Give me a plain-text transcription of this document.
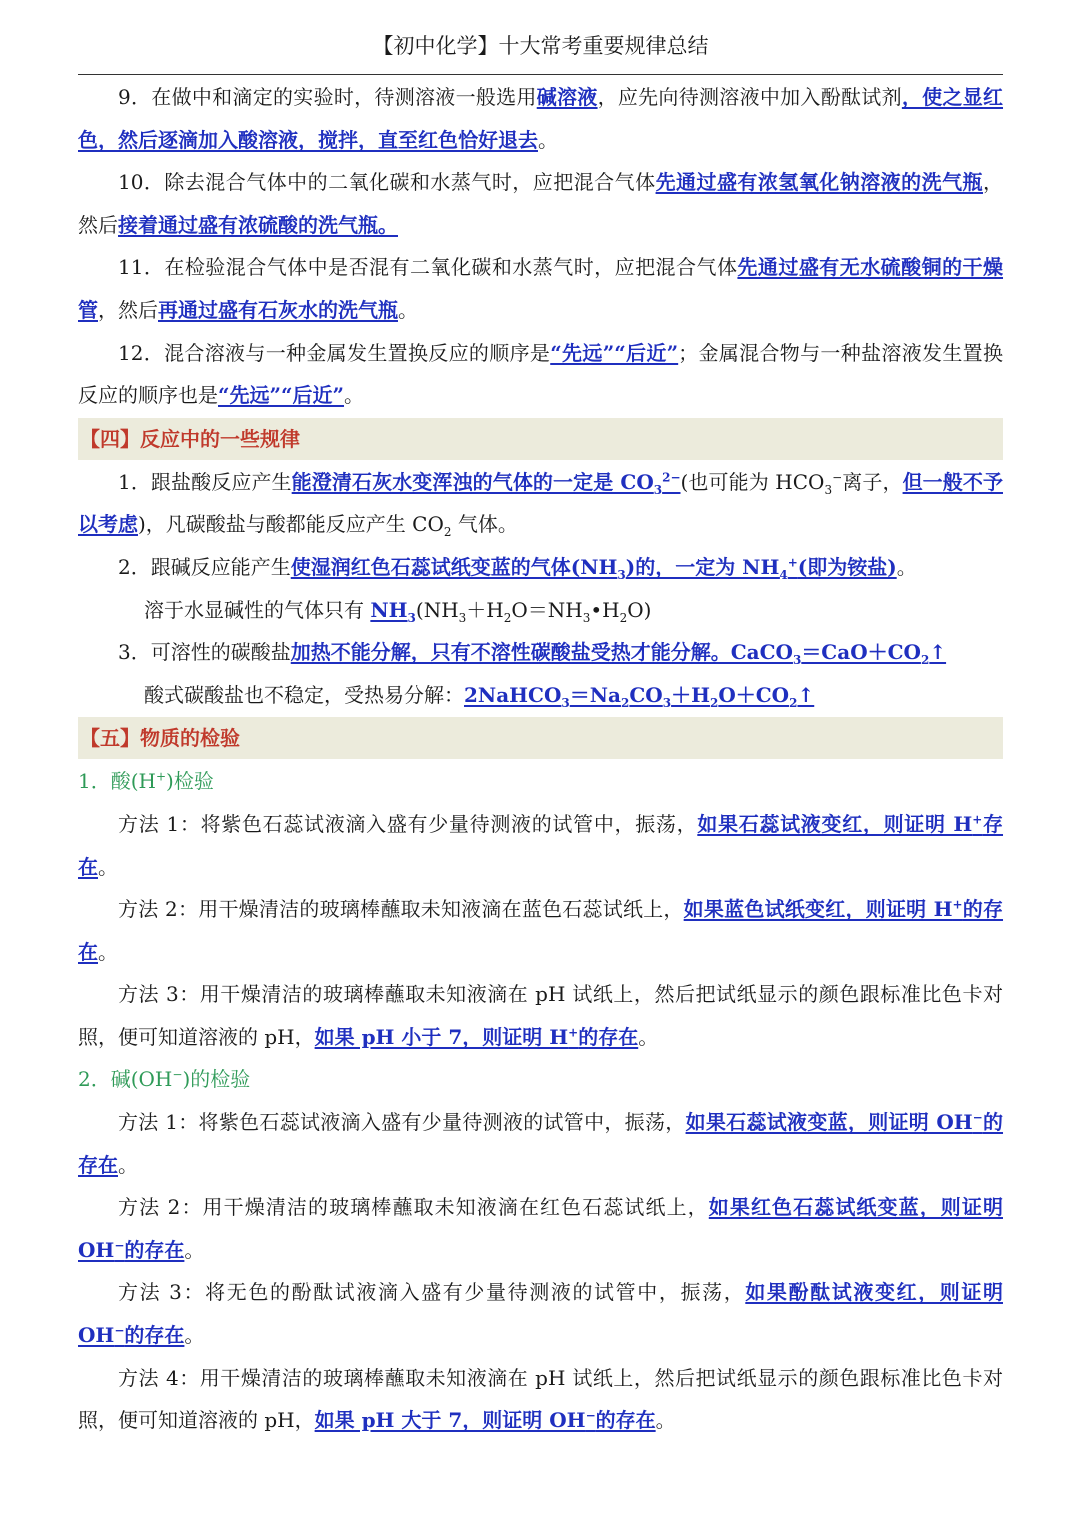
【初中化学】十大常考重要规律总结

9．在做中和滴定的实验时，待测溶液一般选用碱溶液，应先向待测溶液中加入酚酞试剂，使之显红色，然后逐滴加入酸溶液，搅拌，直至红色恰好退去。

10．除去混合气体中的二氧化碳和水蒸气时，应把混合气体先通过盛有浓氢氧化钠溶液的洗气瓶，然后接着通过盛有浓硫酸的洗气瓶。

11．在检验混合气体中是否混有二氧化碳和水蒸气时，应把混合气体先通过盛有无水硫酸铜的干燥管，然后再通过盛有石灰水的洗气瓶。

12．混合溶液与一种金属发生置换反应的顺序是“先远”“后近”；金属混合物与一种盐溶液发生置换反应的顺序也是“先远”“后近”。

【四】反应中的一些规律

1．跟盐酸反应产生能澄清石灰水变浑浊的气体的一定是 $CO_3^{2-}$(也可能为 $HCO_3^-$离子，但一般不予以考虑)，凡碳酸盐与酸都能反应产生 $CO_2$ 气体。

2．跟碱反应能产生使湿润红色石蕊试纸变蓝的气体$(NH_3)$的，一定为 $NH_4^+$(即为铵盐)。

溶于水显碱性的气体只有 $NH_3(NH_3+H_2O=NH_3•H_2O)$

3．可溶性的碳酸盐加热不能分解，只有不溶性碳酸盐受热才能分解。$CaCO_3=CaO+CO_2↑$

酸式碳酸盐也不稳定，受热易分解：$2NaHCO_3=Na_2CO_3+H_2O+CO_2↑$

【五】物质的检验
1．酸(H+)检验

方法 1：将紫色石蕊试液滴入盛有少量待测液的试管中，振荡，如果石蕊试液变红，则证明 H+存在。

方法 2：用干燥清洁的玻璃棒蘸取未知液滴在蓝色石蕊试纸上，如果蓝色试纸变红，则证明 H+的存在。

方法 3：用干燥清洁的玻璃棒蘸取未知液滴在 pH 试纸上，然后把试纸显示的颜色跟标准比色卡对照，便可知道溶液的 pH，如果 pH 小于 7，则证明 H+的存在。

2．碱(OH−)的检验

方法 1：将紫色石蕊试液滴入盛有少量待测液的试管中，振荡，如果石蕊试液变蓝，则证明 OH−的存在。

方法 2：用干燥清洁的玻璃棒蘸取未知液滴在红色石蕊试纸上，如果红色石蕊试纸变蓝，则证明 OH−的存在。

方法 3：将无色的酚酞试液滴入盛有少量待测液的试管中，振荡，如果酚酞试液变红，则证明 OH−的存在。

方法 4：用干燥清洁的玻璃棒蘸取未知液滴在 pH 试纸上，然后把试纸显示的颜色跟标准比色卡对照，便可知道溶液的 pH，如果 pH 大于 7，则证明 OH−的存在。
